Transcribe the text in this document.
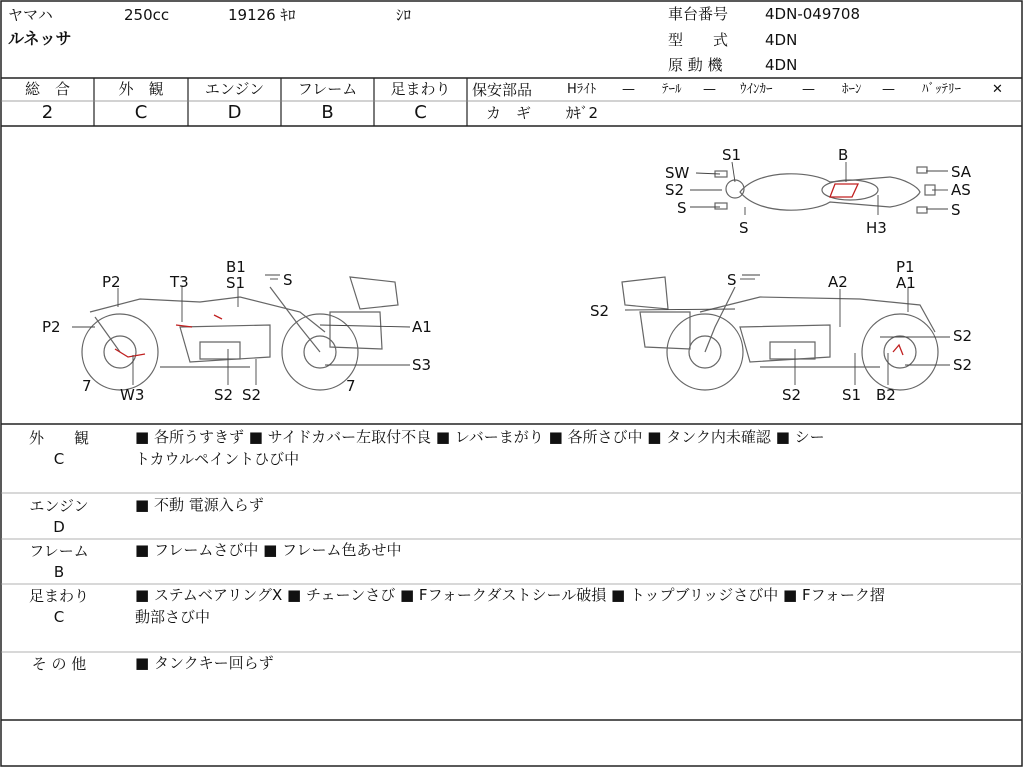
ヤマハ	250cc	19126 ｷﾛ	ｼﾛ
ルネッサ
車台番号 4DN-049708
型　　式 4DN
原 動 機	4DN
総　合
2
外　観
C
エンジン
D
フレーム
B
足まわり
C
保安部品	Hﾗｲﾄ — ﾃｰﾙ — ｳｲﾝｶｰ — ﾎｰﾝ — ﾊﾞｯﾃﾘｰ ✕
カ　ギ ｶｷﾞ2
S1
SW
S2
S
S
B
H3
SA
AS
S
B1
S1	S
P2	T3
P2	A1
S3
7 W3	S2 S2	7
S
P1
A2	A1
S2
S2
S2
S2	S1 B2
外　　観
C
■ 各所うすきず ■ サイドカバー左取付不良 ■ レバーまがり ■ 各所さび中 ■ タンク内未確認 ■ シー
トカウルペイントひび中
エンジン
D
■ 不動 電源入らず
フレーム
B
■ フレームさび中 ■ フレーム色あせ中
足まわり
C
■ ステムベアリングX ■ チェーンさび ■ Fフォークダストシール破損 ■ トップブリッジさび中 ■ Fフォーク摺
動部さび中
そ の 他	■ タンクキー回らず
